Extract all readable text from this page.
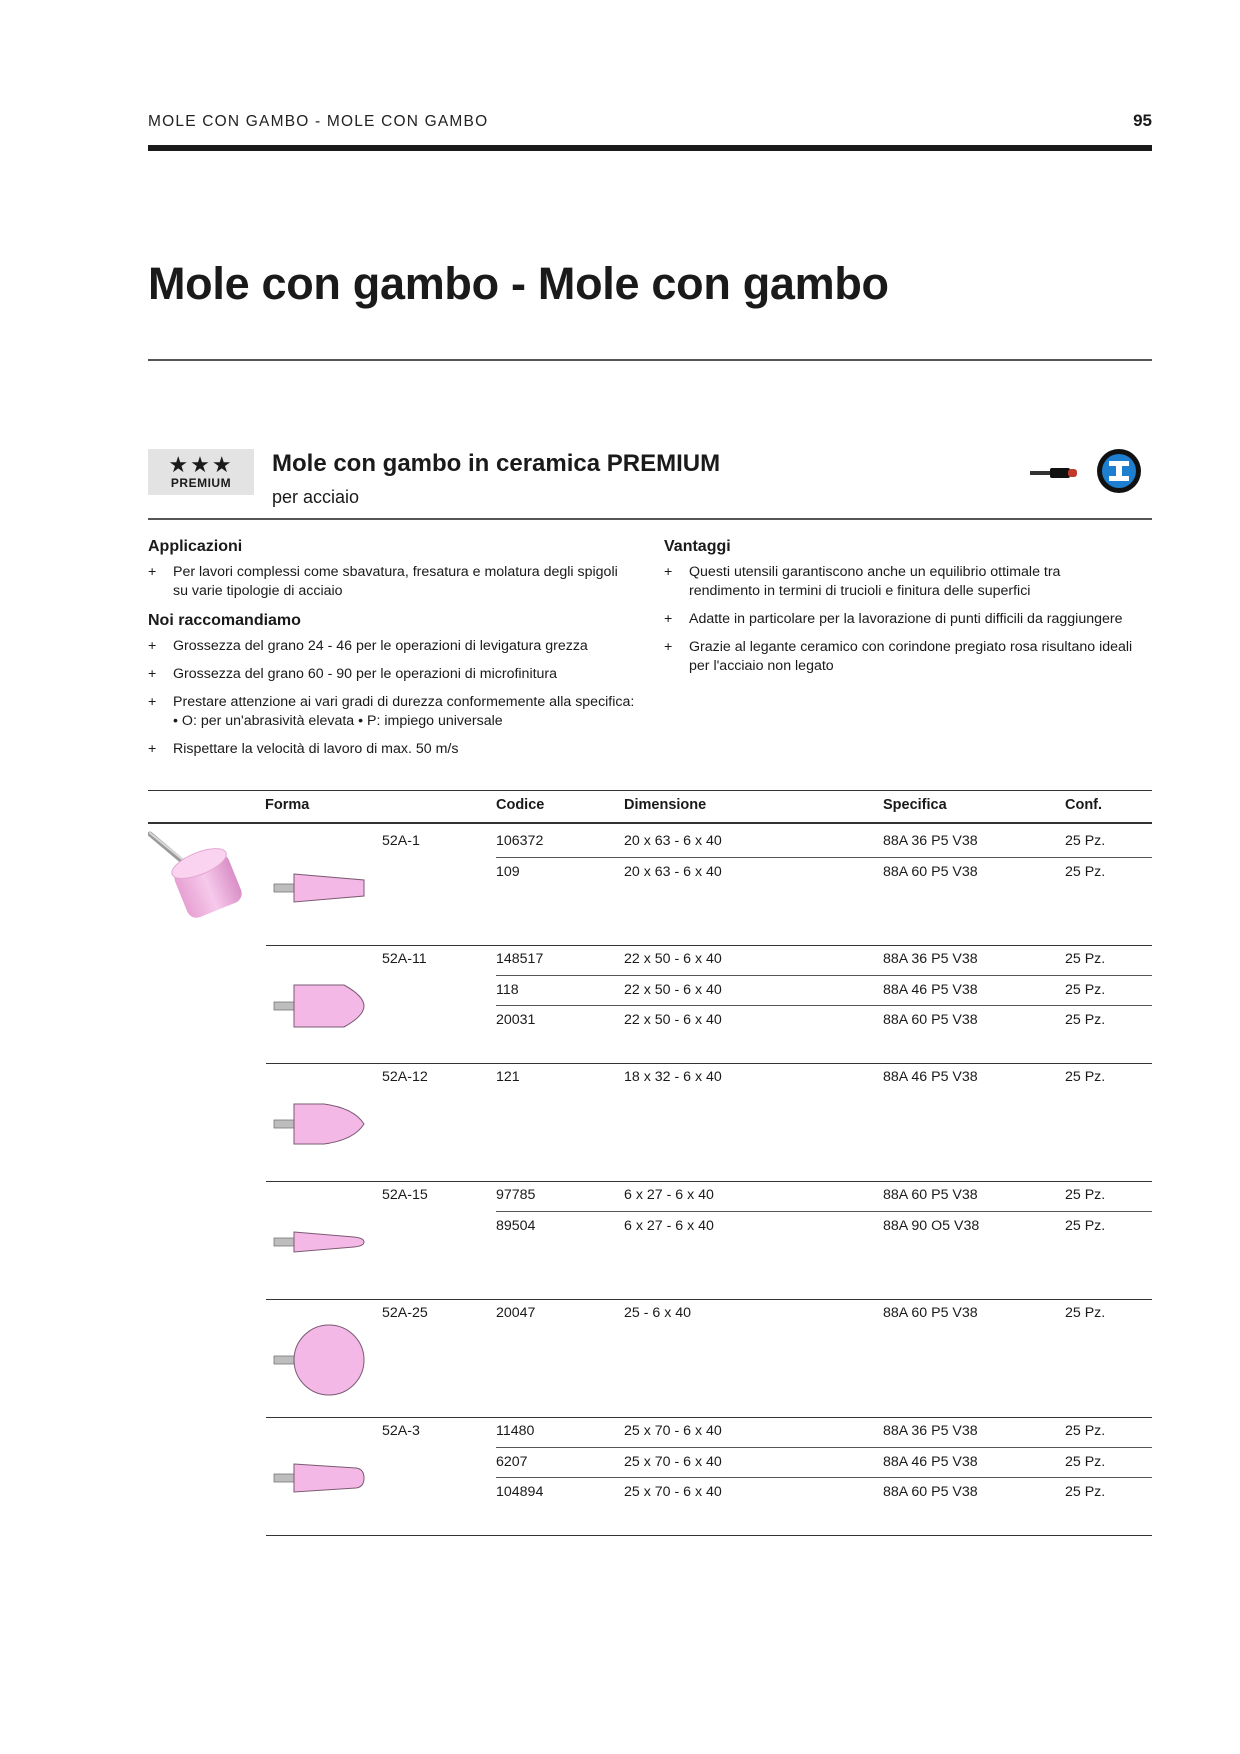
MOLE CON GAMBO - MOLE CON GAMBO	95
Mole con gambo - Mole con gambo
★★★
PREMIUM
Mole con gambo in ceramica PREMIUM
per acciaio
Applicazioni
+ Per lavori complessi come sbavatura, fresatura e molatura degli spigoli
su varie tipologie di acciaio
Noi raccomandiamo
+ Grossezza del grano 24 - 46 per le operazioni di levigatura grezza
+ Grossezza del grano 60 - 90 per le operazioni di microfinitura
+ Prestare attenzione ai vari gradi di durezza conformemente alla specifica:
• O: per un'abrasività elevata • P: impiego universale
+ Rispettare la velocità di lavoro di max. 50 m/s
Vantaggi
+ Questi utensili garantiscono anche un equilibrio ottimale tra
rendimento in termini di trucioli e finitura delle superfici
+ Adatte in particolare per la lavorazione di punti difficili da raggiungere
+ Grazie al legante ceramico con corindone pregiato rosa risultano ideali
per l'acciaio non legato
Forma	Codice	Dimensione	Specifica	Conf.
52A-1	106372	20 x 63 - 6 x 40	88A 36 P5 V38	25 Pz.
109	20 x 63 - 6 x 40	88A 60 P5 V38	25 Pz.
52A-11	148517	22 x 50 - 6 x 40	88A 36 P5 V38	25 Pz.
118	22 x 50 - 6 x 40	88A 46 P5 V38	25 Pz.
20031	22 x 50 - 6 x 40	88A 60 P5 V38	25 Pz.
52A-12	121	18 x 32 - 6 x 40	88A 46 P5 V38	25 Pz.
52A-15	97785	6 x 27 - 6 x 40	88A 60 P5 V38	25 Pz.
89504	6 x 27 - 6 x 40	88A 90 O5 V38	25 Pz.
52A-25	20047	25 - 6 x 40	88A 60 P5 V38	25 Pz.
52A-3	11480	25 x 70 - 6 x 40	88A 36 P5 V38	25 Pz.
6207	25 x 70 - 6 x 40	88A 46 P5 V38	25 Pz.
104894	25 x 70 - 6 x 40	88A 60 P5 V38	25 Pz.
